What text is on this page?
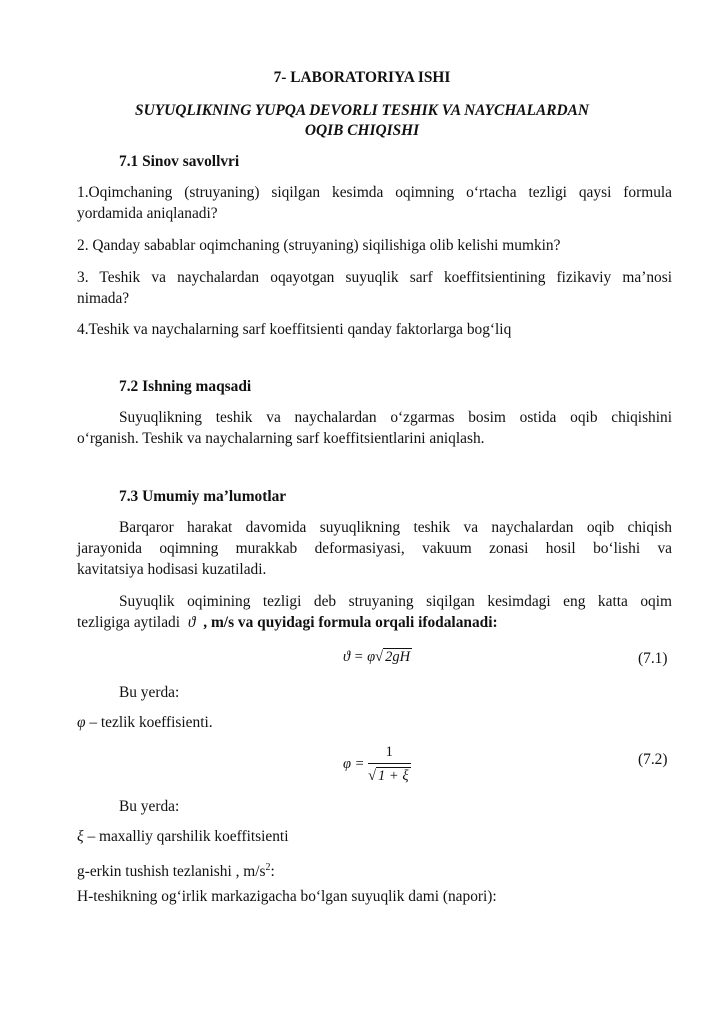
7- LABORATORIYA ISHI
SUYUQLIKNING YUPQA DEVORLI TESHIK VA NAYCHALARDAN
OQIB CHIQISHI
7.1 Sinov savollvri
1.Oqimchaning (struyaning) siqilgan kesimda oqimning o‘rtacha tezligi qaysi formula
yordamida aniqlanadi?
2. Qanday sabablar oqimchaning (struyaning) siqilishiga olib kelishi mumkin?
3. Teshik va naychalardan oqayotgan suyuqlik sarf koeffitsientining fizikaviy ma’nosi
nimada?
4.Teshik va naychalarning sarf koeffitsienti qanday faktorlarga bog‘liq
7.2 Ishning maqsadi
Suyuqlikning teshik va naychalardan o‘zgarmas bosim ostida oqib chiqishini
o‘rganish. Teshik va naychalarning sarf koeffitsientlarini aniqlash.
7.3 Umumiy ma’lumotlar
Barqaror harakat davomida suyuqlikning teshik va naychalardan oqib chiqish
jarayonida oqimning murakkab deformasiyasi, vakuum zonasi hosil bo‘lishi va
kavitatsiya hodisasi kuzatiladi.
Suyuqlik oqimining tezligi deb struyaning siqilgan kesimdagi eng katta oqim
tezligiga aytiladi ϑ , m/s va quyidagi formula orqali ifodalanadi:
ϑ = φ√ 2gH	(7.1)
Bu yerda:
φ – tezlik koeffisienti.
$\varphi = \frac{1}{√ 1 + \xi}$	(7.2)
Bu yerda:
ξ – maxalliy qarshilik koeffitsienti
g-erkin tushish tezlanishi , $m/s^2$:
H-teshikning og‘irlik markazigacha bo‘lgan suyuqlik dami (napori):
